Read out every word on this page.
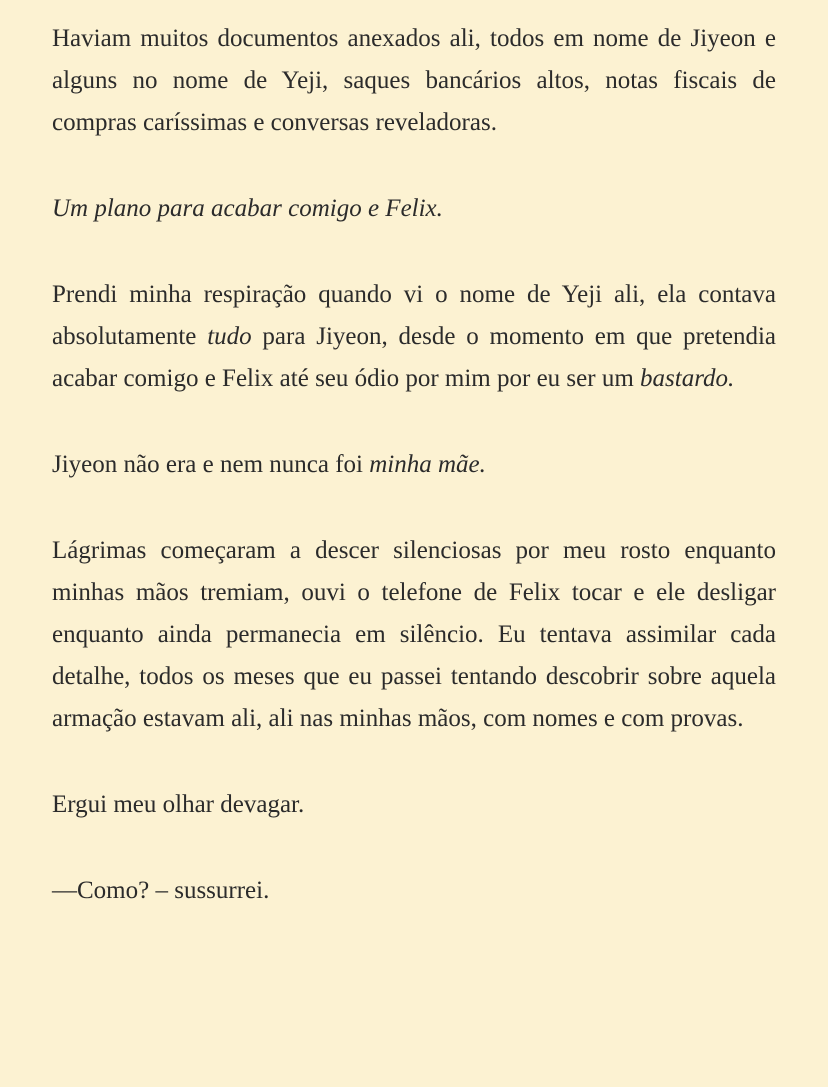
Haviam muitos documentos anexados ali, todos em nome de Jiyeon e alguns no nome de Yeji, saques bancários altos, notas fiscais de compras caríssimas e conversas reveladoras.

Um plano para acabar comigo e Felix.

Prendi minha respiração quando vi o nome de Yeji ali, ela contava absolutamente tudo para Jiyeon, desde o momento em que pretendia acabar comigo e Felix até seu ódio por mim por eu ser um bastardo.

Jiyeon não era e nem nunca foi minha mãe.

Lágrimas começaram a descer silenciosas por meu rosto enquanto minhas mãos tremiam, ouvi o telefone de Felix tocar e ele desligar enquanto ainda permanecia em silêncio. Eu tentava assimilar cada detalhe, todos os meses que eu passei tentando descobrir sobre aquela armação estavam ali, ali nas minhas mãos, com nomes e com provas.

Ergui meu olhar devagar.

—Como? – sussurrei.
